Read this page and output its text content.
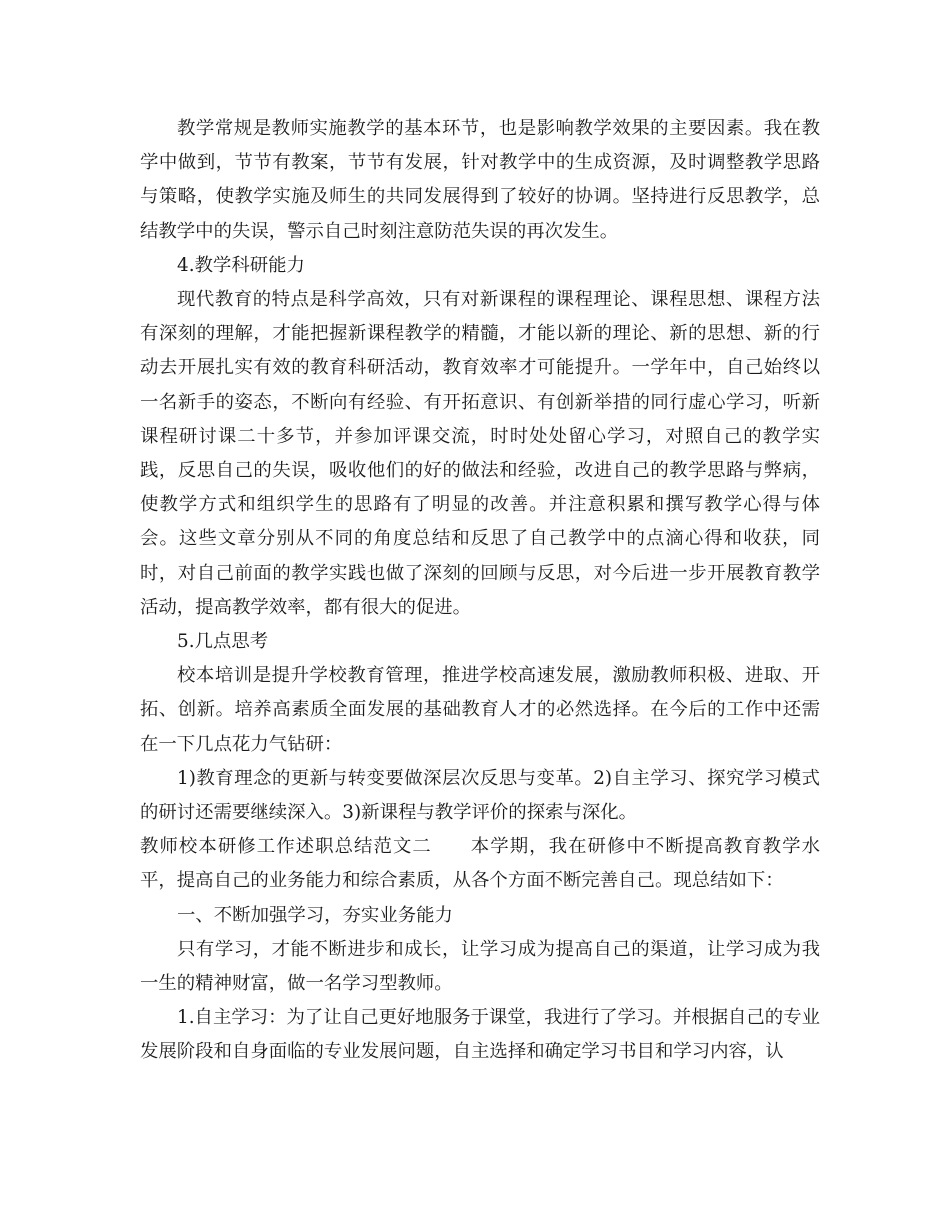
教学常规是教师实施教学的基本环节，也是影响教学效果的主要因素。我在教学中做到，节节有教案，节节有发展，针对教学中的生成资源，及时调整教学思路与策略，使教学实施及师生的共同发展得到了较好的协调。坚持进行反思教学，总结教学中的失误，警示自己时刻注意防范失误的再次发生。

4.教学科研能力

现代教育的特点是科学高效，只有对新课程的课程理论、课程思想、课程方法有深刻的理解，才能把握新课程教学的精髓，才能以新的理论、新的思想、新的行动去开展扎实有效的教育科研活动，教育效率才可能提升。一学年中，自己始终以一名新手的姿态，不断向有经验、有开拓意识、有创新举措的同行虚心学习，听新课程研讨课二十多节，并参加评课交流，时时处处留心学习，对照自己的教学实践，反思自己的失误，吸收他们的好的做法和经验，改进自己的教学思路与弊病，使教学方式和组织学生的思路有了明显的改善。并注意积累和撰写教学心得与体会。这些文章分别从不同的角度总结和反思了自己教学中的点滴心得和收获，同时，对自己前面的教学实践也做了深刻的回顾与反思，对今后进一步开展教育教学活动，提高教学效率，都有很大的促进。

5.几点思考

校本培训是提升学校教育管理，推进学校高速发展，激励教师积极、进取、开拓、创新。培养高素质全面发展的基础教育人才的必然选择。在今后的工作中还需在一下几点花力气钻研：

1)教育理念的更新与转变要做深层次反思与变革。2)自主学习、探究学习模式的研讨还需要继续深入。3)新课程与教学评价的探索与深化。

教师校本研修工作述职总结范文二　　本学期，我在研修中不断提高教育教学水平，提高自己的业务能力和综合素质，从各个方面不断完善自己。现总结如下：

一、不断加强学习，夯实业务能力

只有学习，才能不断进步和成长，让学习成为提高自己的渠道，让学习成为我一生的精神财富，做一名学习型教师。

1.自主学习：为了让自己更好地服务于课堂，我进行了学习。并根据自己的专业发展阶段和自身面临的专业发展问题，自主选择和确定学习书目和学习内容，认
